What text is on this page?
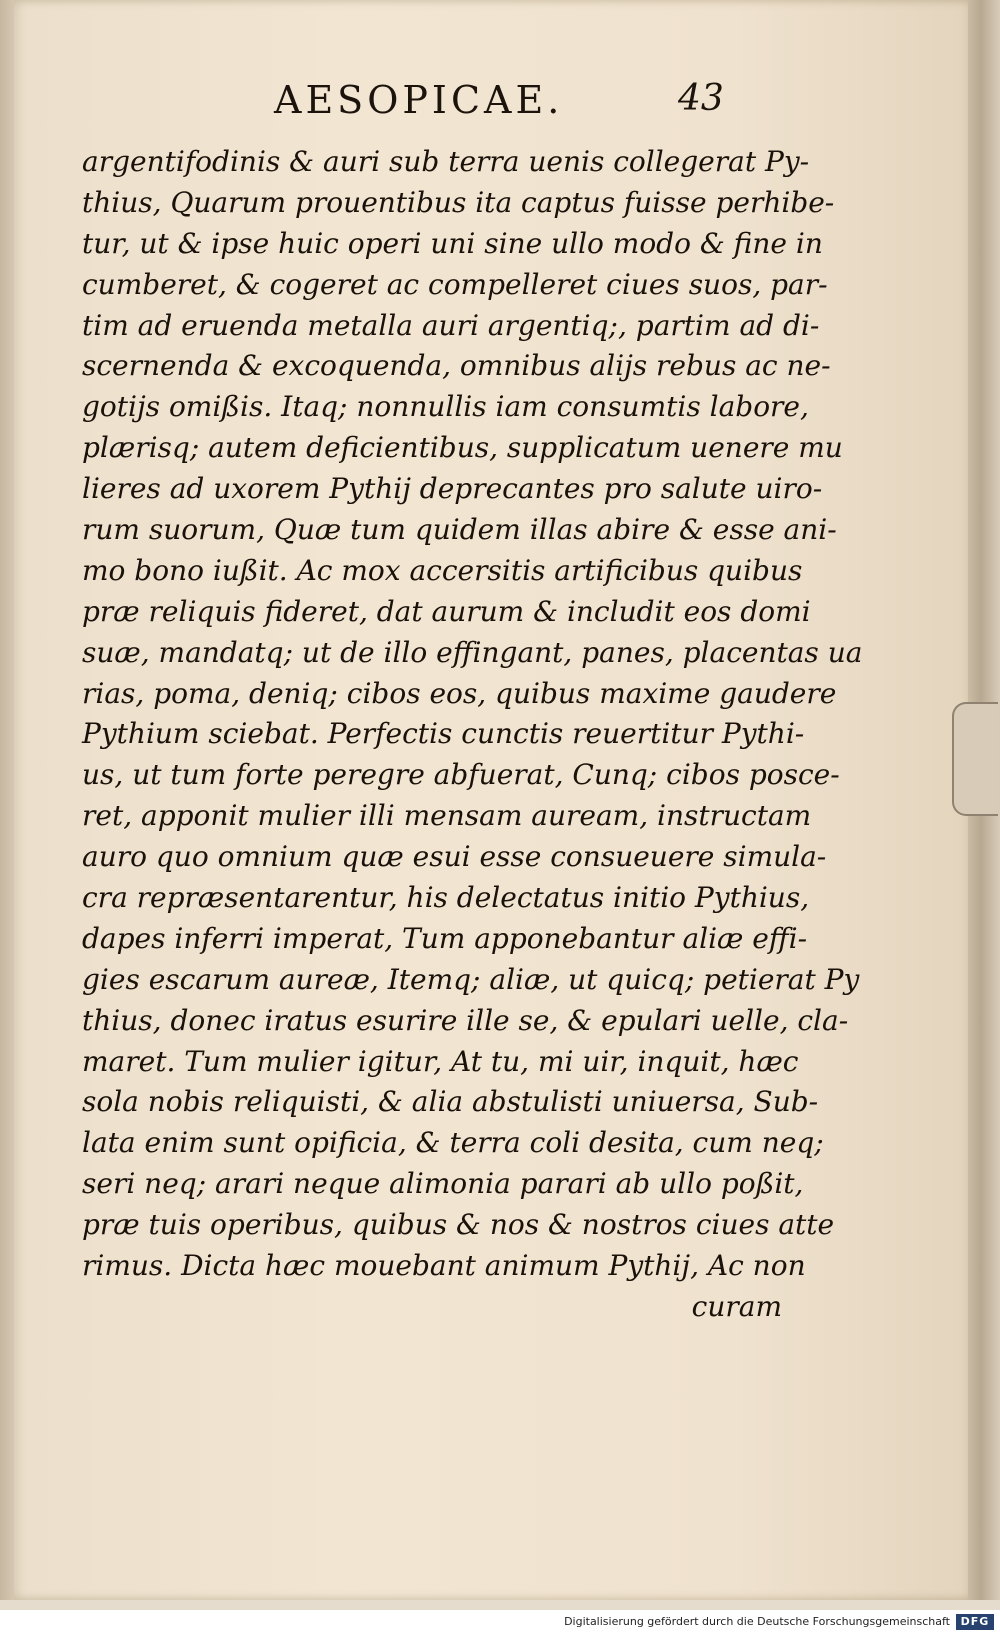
AESOPICAE.	43
argentifodinis & auri sub terra uenis collegerat Py-
thius, Quarum prouentibus ita captus fuisse perhibe-
tur, ut & ipse huic operi uni sine ullo modo & fine in
cumberet, & cogeret ac compelleret ciues suos, par-
tim ad eruenda metalla auri argentiq;, partim ad di-
scernenda & excoquenda, omnibus alijs rebus ac ne-
gotijs omißis. Itaq; nonnullis iam consumtis labore,
plærisq; autem deficientibus, supplicatum uenere mu
lieres ad uxorem Pythij deprecantes pro salute uiro-
rum suorum, Quæ tum quidem illas abire & esse ani-
mo bono iußit. Ac mox accersitis artificibus quibus
præ reliquis fideret, dat aurum & includit eos domi
suæ, mandatq; ut de illo effingant, panes, placentas ua
rias, poma, deniq; cibos eos, quibus maxime gaudere
Pythium sciebat. Perfectis cunctis reuertitur Pythi-
us, ut tum forte peregre abfuerat, Cunq; cibos posce-
ret, apponit mulier illi mensam auream, instructam
auro quo omnium quæ esui esse consueuere simula-
cra repræsentarentur, his delectatus initio Pythius,
dapes inferri imperat, Tum apponebantur aliæ effi-
gies escarum aureæ, Itemq; aliæ, ut quicq; petierat Py
thius, donec iratus esurire ille se, & epulari uelle, cla-
maret. Tum mulier igitur, At tu, mi uir, inquit, hæc
sola nobis reliquisti, & alia abstulisti uniuersa, Sub-
lata enim sunt opificia, & terra coli desita, cum neq;
seri neq; arari neque alimonia parari ab ullo poßit,
præ tuis operibus, quibus & nos & nostros ciues atte
rimus. Dicta hæc mouebant animum Pythij, Ac non
curam
Digitalisierung gefördert durch die Deutsche Forschungsgemeinschaft DFG
